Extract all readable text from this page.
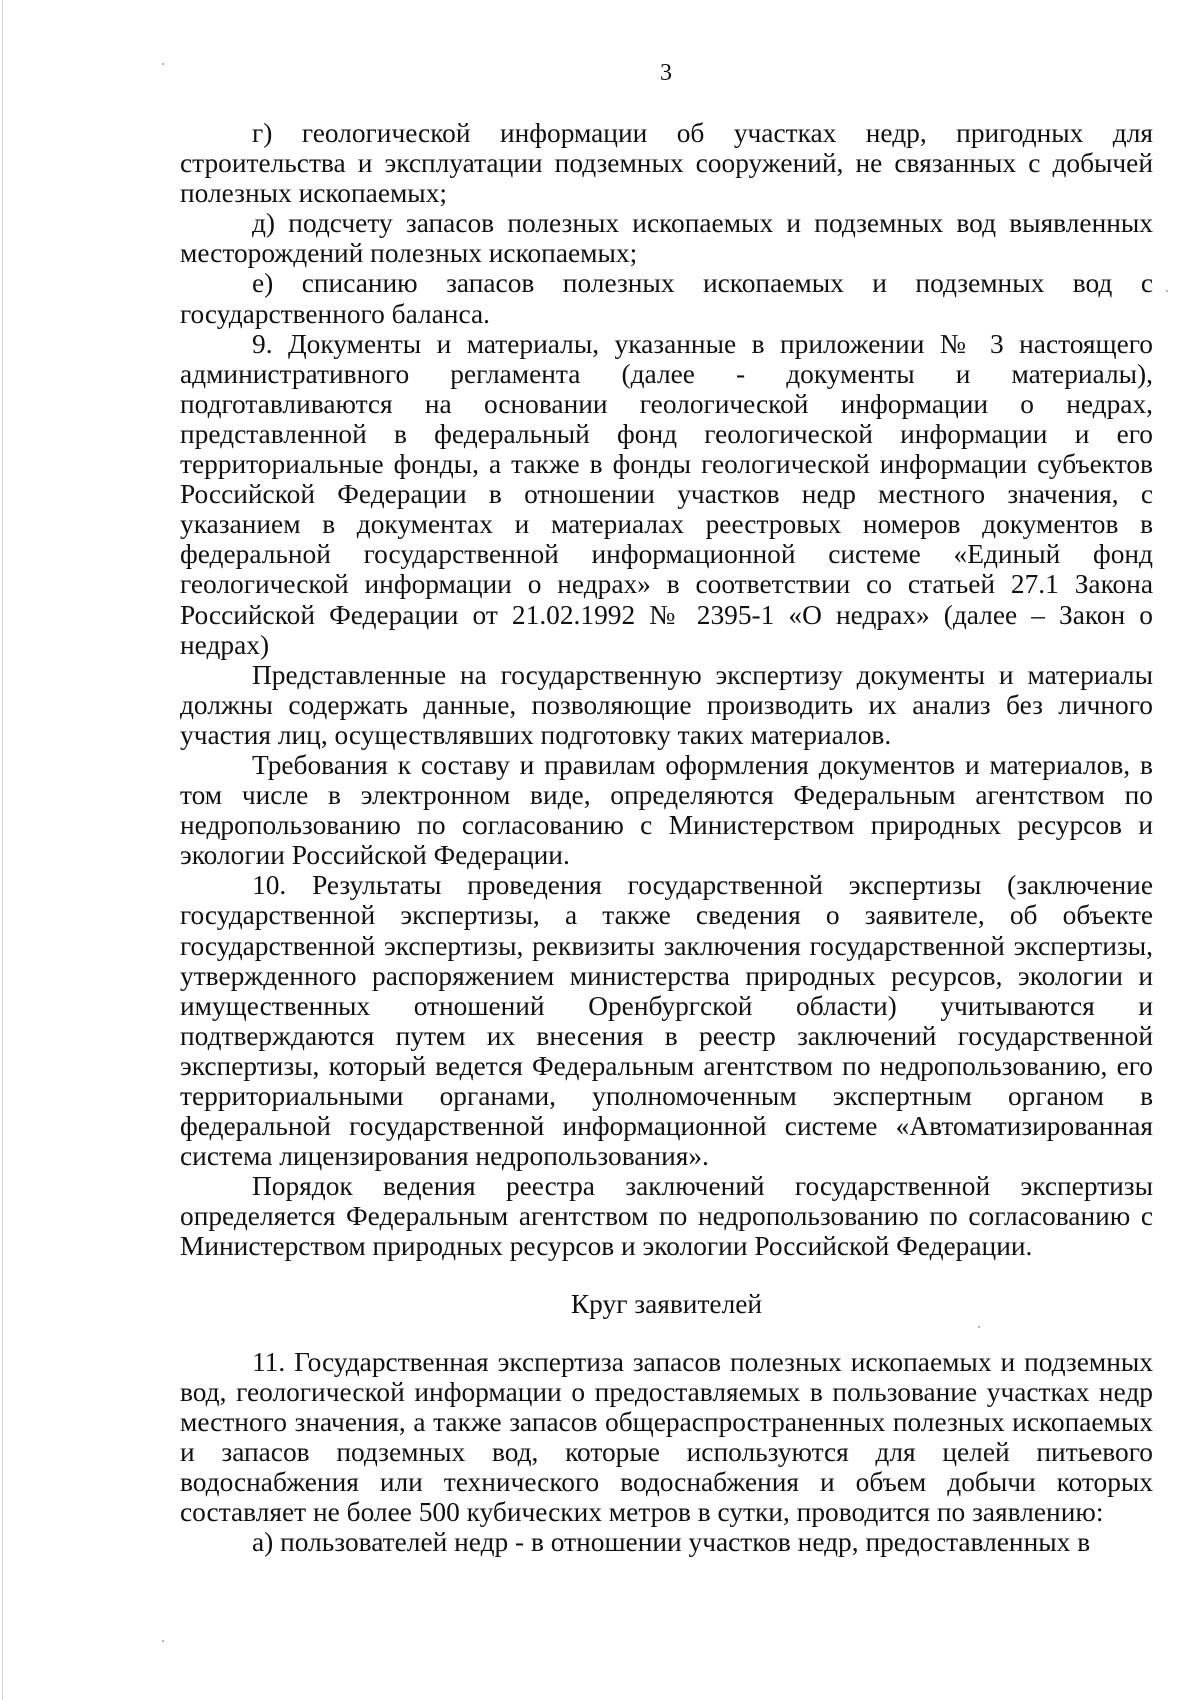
3

г) геологической информации об участках недр, пригодных для строительства и эксплуатации подземных сооружений, не связанных с добычей полезных ископаемых;

д) подсчету запасов полезных ископаемых и подземных вод выявленных месторождений полезных ископаемых;

е) списанию запасов полезных ископаемых и подземных вод с государственного баланса.

9. Документы и материалы, указанные в приложении № 3 настоящего административного регламента (далее - документы и материалы), подготавливаются на основании геологической информации о недрах, представленной в федеральный фонд геологической информации и его территориальные фонды, а также в фонды геологической информации субъектов Российской Федерации в отношении участков недр местного значения, с указанием в документах и материалах реестровых номеров документов в федеральной государственной информационной системе «Единый фонд геологической информации о недрах» в соответствии со статьей 27.1 Закона Российской Федерации от 21.02.1992 № 2395-1 «О недрах» (далее – Закон о недрах)

Представленные на государственную экспертизу документы и материалы должны содержать данные, позволяющие производить их анализ без личного участия лиц, осуществлявших подготовку таких материалов.

Требования к составу и правилам оформления документов и материалов, в том числе в электронном виде, определяются Федеральным агентством по недропользованию по согласованию с Министерством природных ресурсов и экологии Российской Федерации.

10. Результаты проведения государственной экспертизы (заключение государственной экспертизы, а также сведения о заявителе, об объекте государственной экспертизы, реквизиты заключения государственной экспертизы, утвержденного распоряжением министерства природных ресурсов, экологии и имущественных отношений Оренбургской области) учитываются и подтверждаются путем их внесения в реестр заключений государственной экспертизы, который ведется Федеральным агентством по недропользованию, его территориальными органами, уполномоченным экспертным органом в федеральной государственной информационной системе «Автоматизированная система лицензирования недропользования».

Порядок ведения реестра заключений государственной экспертизы определяется Федеральным агентством по недропользованию по согласованию с Министерством природных ресурсов и экологии Российской Федерации.

Круг заявителей

11. Государственная экспертиза запасов полезных ископаемых и подземных вод, геологической информации о предоставляемых в пользование участках недр местного значения, а также запасов общераспространенных полезных ископаемых и запасов подземных вод, которые используются для целей питьевого водоснабжения или технического водоснабжения и объем добычи которых составляет не более 500 кубических метров в сутки, проводится по заявлению:

а) пользователей недр - в отношении участков недр, предоставленных в
